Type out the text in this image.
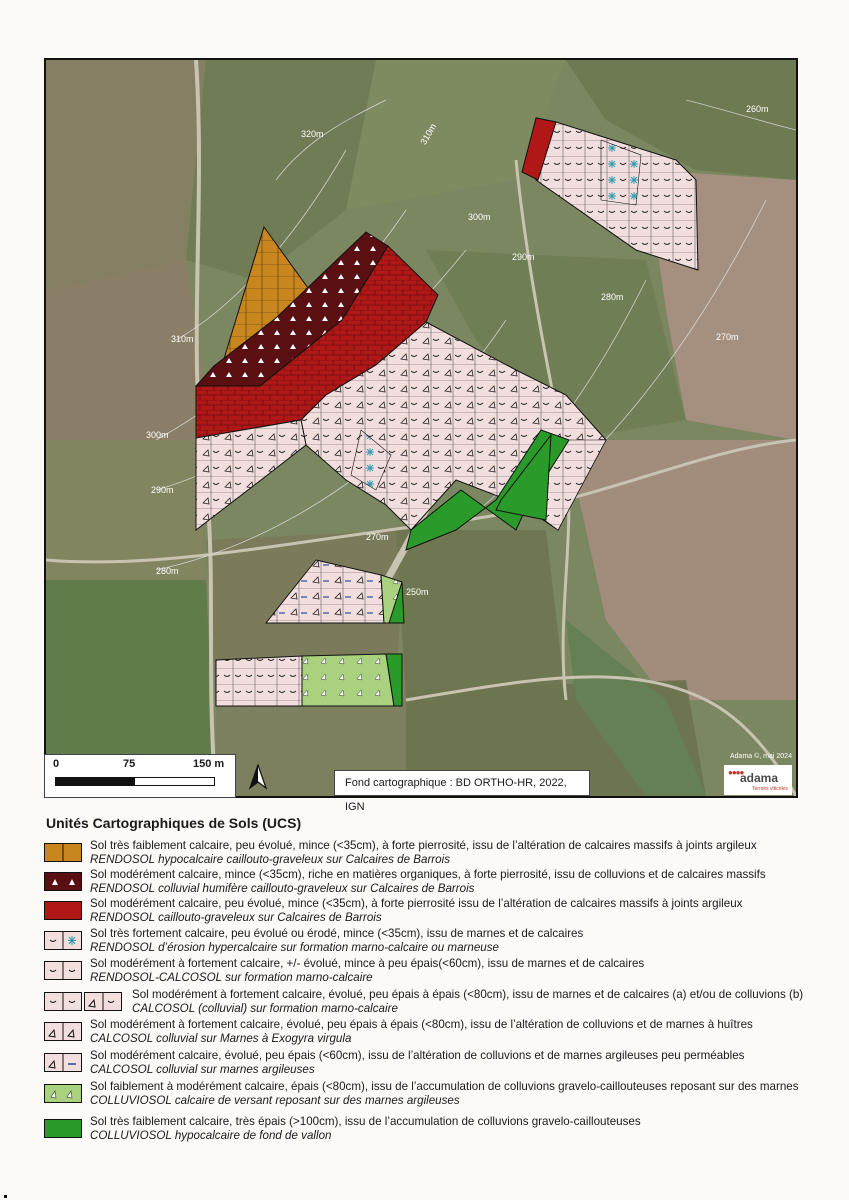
320m	310m
310m
300m
290m
280m
300m
290m
280m
270m
260m
270m
250m
0	75	150 m
Fond cartographique : BD ORTHO-HR, 2022, IGN
Adama ©, mai 2024
●●●●
adama
Terroirs viticoles
Unités Cartographiques de Sols (UCS)
Sol très faiblement calcaire, peu évolué, mince (<35cm), à forte pierrosité, issu de l’altération de calcaires massifs à joints argileux
RENDOSOL hypocalcaire caillouto-graveleux sur Calcaires de Barrois
Sol modérément calcaire, mince (<35cm), riche en matières organiques, à forte pierrosité, issu de colluvions et de calcaires massifs
RENDOSOL colluvial humifère caillouto-graveleux sur Calcaires de Barrois
Sol modérément calcaire, peu évolué, mince (<35cm), à forte pierrosité issu de l’altération de calcaires massifs à joints argileux
RENDOSOL caillouto-graveleux sur Calcaires de Barrois
Sol très fortement calcaire, peu évolué ou érodé, mince (<35cm), issu de marnes et de calcaires
RENDOSOL d’érosion hypercalcaire sur formation marno-calcaire ou marneuse
Sol modérément à fortement calcaire, +/- évolué, mince à peu épais(<60cm), issu de marnes et de calcaires
RENDOSOL-CALCOSOL sur formation marno-calcaire
Sol modérément à fortement calcaire, évolué, peu épais à épais (<80cm), issu de marnes et de calcaires (a) et/ou de colluvions (b)
CALCOSOL (colluvial) sur formation marno-calcaire
Sol modérément à fortement calcaire, évolué, peu épais à épais (<80cm), issu de l’altération de colluvions et de marnes à huîtres
CALCOSOL colluvial sur Marnes à Exogyra virgula
Sol modérément calcaire, évolué, peu épais (<60cm), issu de l’altération de colluvions et de marnes argileuses peu perméables
CALCOSOL colluvial sur marnes argileuses
Sol faiblement à modérément calcaire, épais (<80cm), issu de l’accumulation de colluvions gravelo-caillouteuses reposant sur des marnes
COLLUVIOSOL calcaire de versant reposant sur des marnes argileuses
Sol très faiblement calcaire, très épais (>100cm), issu de l’accumulation de colluvions gravelo-caillouteuses
COLLUVIOSOL hypocalcaire de fond de vallon
